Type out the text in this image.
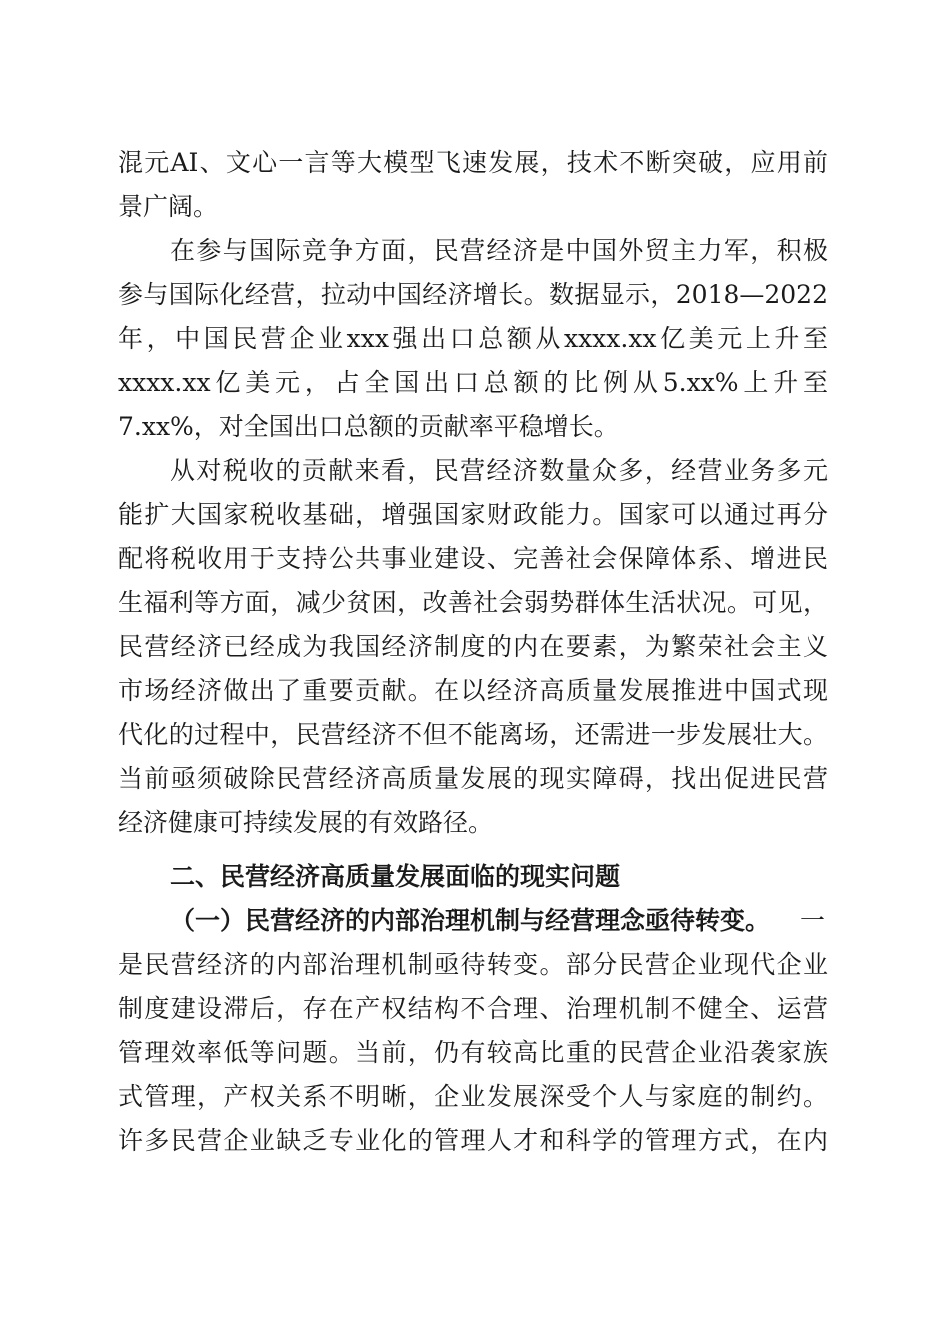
混元AI、文心一言等大模型飞速发展，技术不断突破，应用前
景广阔。
在参与国际竞争方面，民营经济是中国外贸主力军，积极
参与国际化经营，拉动中国经济增长。数据显示，2018—2022
年，中国民营企业xxx强出口总额从xxxx.xx亿美元上升至
xxxx.xx亿美元，占全国出口总额的比例从5.xx%上升至
7.xx%，对全国出口总额的贡献率平稳增长。
从对税收的贡献来看，民营经济数量众多，经营业务多元
能扩大国家税收基础，增强国家财政能力。国家可以通过再分
配将税收用于支持公共事业建设、完善社会保障体系、增进民
生福利等方面，减少贫困，改善社会弱势群体生活状况。可见，
民营经济已经成为我国经济制度的内在要素，为繁荣社会主义
市场经济做出了重要贡献。在以经济高质量发展推进中国式现
代化的过程中，民营经济不但不能离场，还需进一步发展壮大。
当前亟须破除民营经济高质量发展的现实障碍，找出促进民营
经济健康可持续发展的有效路径。
二、民营经济高质量发展面临的现实问题
（一）民营经济的内部治理机制与经营理念亟待转变。	一
是民营经济的内部治理机制亟待转变。部分民营企业现代企业
制度建设滞后，存在产权结构不合理、治理机制不健全、运营
管理效率低等问题。当前，仍有较高比重的民营企业沿袭家族
式管理，产权关系不明晰，企业发展深受个人与家庭的制约。
许多民营企业缺乏专业化的管理人才和科学的管理方式，在内
